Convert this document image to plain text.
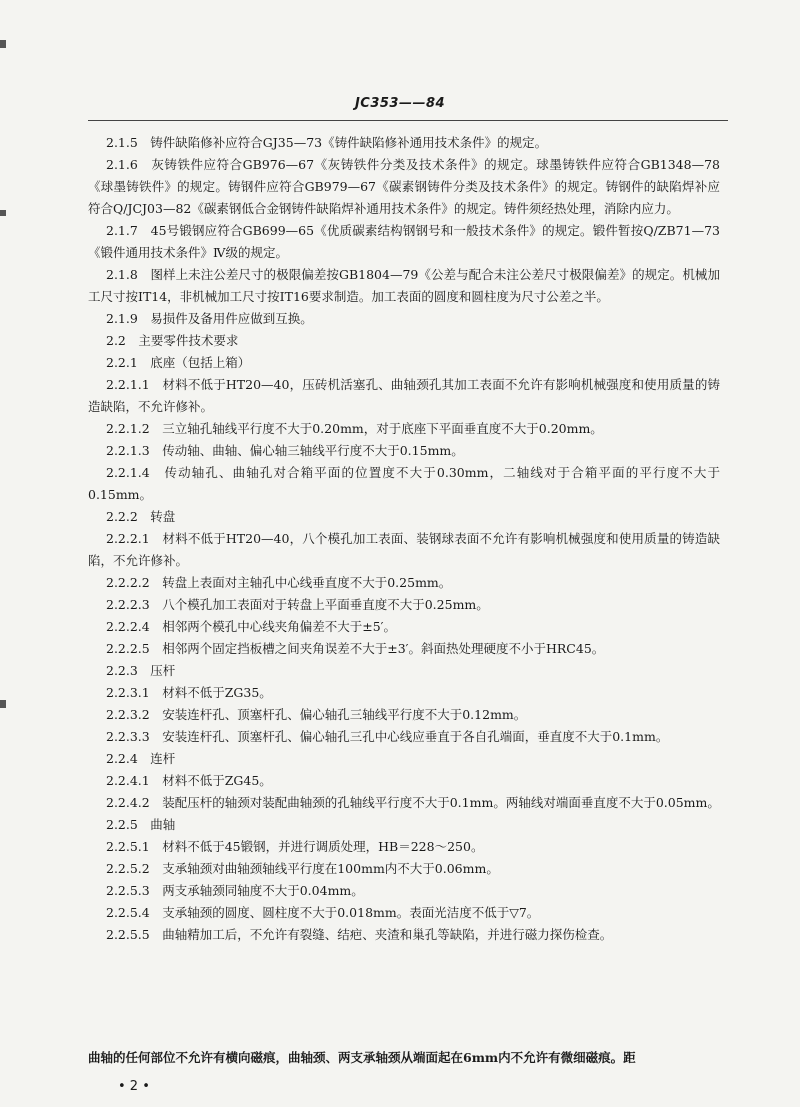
JC353——84

2.1.5　铸件缺陷修补应符合GJ35—73《铸件缺陷修补通用技术条件》的规定。

2.1.6　灰铸铁件应符合GB976—67《灰铸铁件分类及技术条件》的规定。球墨铸铁件应符合GB1348—78《球墨铸铁件》的规定。铸钢件应符合GB979—67《碳素钢铸件分类及技术条件》的规定。铸钢件的缺陷焊补应符合Q/JCJ03—82《碳素钢低合金钢铸件缺陷焊补通用技术条件》的规定。铸件须经热处理，消除内应力。

2.1.7　45号锻钢应符合GB699—65《优质碳素结构钢钢号和一般技术条件》的规定。锻件暂按Q/ZB71—73《锻件通用技术条件》Ⅳ级的规定。

2.1.8　图样上未注公差尺寸的极限偏差按GB1804—79《公差与配合未注公差尺寸极限偏差》的规定。机械加工尺寸按IT14，非机械加工尺寸按IT16要求制造。加工表面的圆度和圆柱度为尺寸公差之半。

2.1.9　易损件及备用件应做到互换。

2.2　主要零件技术要求

2.2.1　底座（包括上箱）

2.2.1.1　材料不低于HT20—40，压砖机活塞孔、曲轴颈孔其加工表面不允许有影响机械强度和使用质量的铸造缺陷，不允许修补。

2.2.1.2　三立轴孔轴线平行度不大于0.20mm，对于底座下平面垂直度不大于0.20mm。

2.2.1.3　传动轴、曲轴、偏心轴三轴线平行度不大于0.15mm。

2.2.1.4　传动轴孔、曲轴孔对合箱平面的位置度不大于0.30mm，二轴线对于合箱平面的平行度不大于0.15mm。

2.2.2　转盘

2.2.2.1　材料不低于HT20—40，八个模孔加工表面、装钢球表面不允许有影响机械强度和使用质量的铸造缺陷，不允许修补。

2.2.2.2　转盘上表面对主轴孔中心线垂直度不大于0.25mm。

2.2.2.3　八个模孔加工表面对于转盘上平面垂直度不大于0.25mm。

2.2.2.4　相邻两个模孔中心线夹角偏差不大于±5′。

2.2.2.5　相邻两个固定挡板槽之间夹角误差不大于±3′。斜面热处理硬度不小于HRC45。

2.2.3　压杆

2.2.3.1　材料不低于ZG35。

2.2.3.2　安装连杆孔、顶塞杆孔、偏心轴孔三轴线平行度不大于0.12mm。

2.2.3.3　安装连杆孔、顶塞杆孔、偏心轴孔三孔中心线应垂直于各自孔端面，垂直度不大于0.1mm。

2.2.4　连杆

2.2.4.1　材料不低于ZG45。

2.2.4.2　装配压杆的轴颈对装配曲轴颈的孔轴线平行度不大于0.1mm。两轴线对端面垂直度不大于0.05mm。

2.2.5　曲轴

2.2.5.1　材料不低于45锻钢，并进行调质处理，HB＝228～250。

2.2.5.2　支承轴颈对曲轴颈轴线平行度在100mm内不大于0.06mm。

2.2.5.3　两支承轴颈同轴度不大于0.04mm。

2.2.5.4　支承轴颈的圆度、圆柱度不大于0.018mm。表面光洁度不低于▽7。

2.2.5.5　曲轴精加工后，不允许有裂缝、结疤、夹渣和巢孔等缺陷，并进行磁力探伤检查。

曲轴的任何部位不允许有横向磁痕，曲轴颈、两支承轴颈从端面起在6mm内不允许有微细磁痕。距
• 2 •
